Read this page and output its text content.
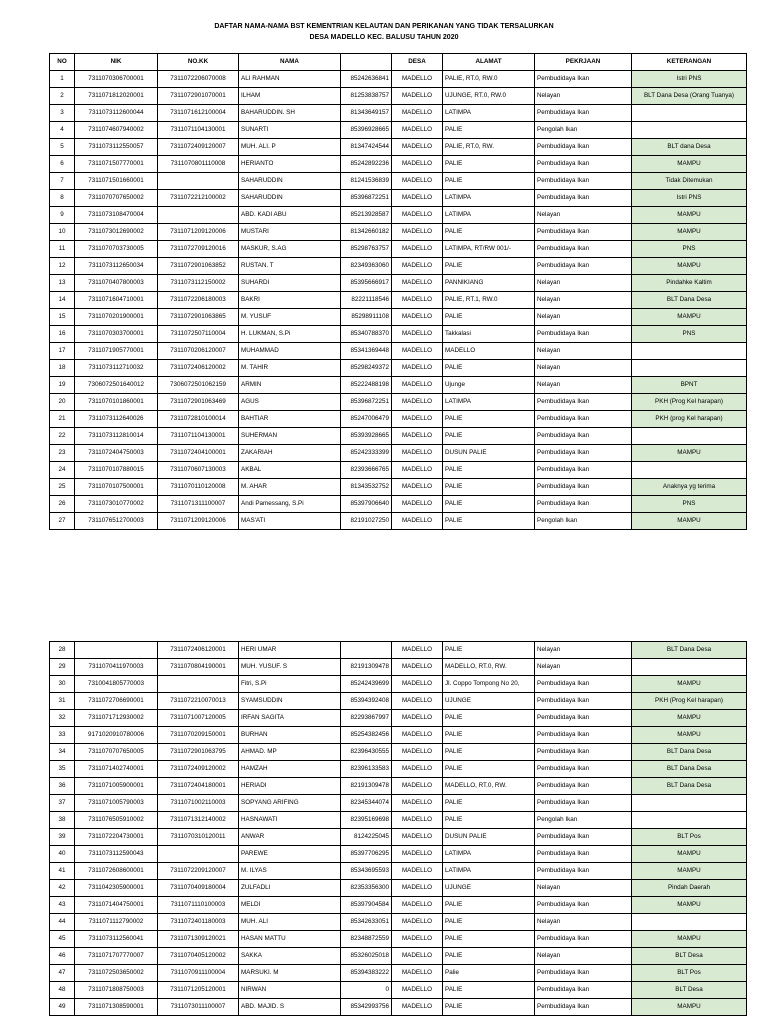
DAFTAR NAMA-NAMA BST KEMENTRIAN KELAUTAN DAN PERIKANAN YANG TIDAK TERSALURKAN
DESA MADELLO KEC. BALUSU TAHUN 2020
NO	NIK	NO.KK	NAMA		DESA	ALAMAT	PEKRJAAN	KETERANGAN
1	7311070306700001	7311072206070008	ALI RAHMAN	85242636841	MADELLO	PALIE, RT.0, RW.0	Pembudidaya Ikan	Istri PNS
2	7311071812020001	7311072901070001	ILHAM	81253838757	MADELLO	UJUNGE, RT.0, RW.0	Nelayan	BLT Dana Desa (Orang Tuanya)
3	7311073112600044	7311071612100004	BAHARUDDIN. SH	81343649157	MADELLO	LATIMPA	Pembudidaya Ikan	
4	7311074607940002	7311071104130001	SUNARTI	85396928665	MADELLO	PALIE	Pengolah Ikan	
5	7311073112550057	7311072409120007	MUH. ALI. P	81347424544	MADELLO	PALIE, RT.0, RW.	Pembudidaya Ikan	BLT dana Desa
6	7311071507770001	7311070801110008	HERIANTO	85242892236	MADELLO	PALIE	Pembudidaya Ikan	MAMPU
7	7311071501660001		SAHARUDDIN	81241536839	MADELLO	PALIE	Pembudidaya Ikan	Tidak Ditemukan
8	7311070707650002	7311072212100002	SAHARUDDIN	85396872251	MADELLO	LATIMPA	Pembudidaya Ikan	Istri PNS
9	7311073108470004		ABD. KADI ABU	85213928587	MADELLO	LATIMPA	Nelayan	MAMPU
10	7311073012690002	7311071209120006	MUSTARI	81342660182	MADELLO	PALIE	Pembudidaya Ikan	MAMPU
11	7311070703730005	7311072709120016	MASKUR, S.AG	85298763757	MADELLO	LATIMPA, RT/RW 001/-	Pembudidaya Ikan	PNS
12	7311073112650034	7311072901063852	RUSTAN. T	82349363060	MADELLO	PALIE	Pembudidaya Ikan	MAMPU
13	7311070407800003	7311073112150002	SUHARDI	85395666917	MADELLO	PANNIKIANG	Nelayan	Pindahke Kaltim
14	7311071604710001	7311072206180003	BAKRI	82221118546	MADELLO	PALIE, RT.1, RW.0	Nelayan	BLT Dana Desa
15	7311070201900001	7311072901063865	M. YUSUF	85298911108	MADELLO	PALIE	Nelayan	MAMPU
16	7311070303700001	7311072507110004	H. LUKMAN, S.Pi	85340788370	MADELLO	Takkalasi	Pembudidaya Ikan	PNS
17	7311071905770001	7311070206120007	MUHAMMAD	85341369448	MADELLO	MADELLO	Nelayan	
18	7311073112710032	7311072406120002	M. TAHIR	85298249372	MADELLO	PALIE	Nelayan	
19	7306072501640012	7306072501062159	ARMIN	85222488198	MADELLO	Ujunge	Nelayan	BPNT
20	7311070101860001	7311072901063469	AGUS	85396872251	MADELLO	LATIMPA	Pembudidaya Ikan	PKH (Prog Kel harapan)
21	7311073112640026	7311072810100014	BAHTIAR	85247006479	MADELLO	PALIE	Pembudidaya Ikan	PKH (prog Kel harapan)
22	7311073112810014	7311071104130001	SUHERMAN	85393928665	MADELLO	PALIE	Pembudidaya Ikan	
23	7311072404750003	7311072404100001	ZAKARIAH	85242333399	MADELLO	DUSUN PALIE	Pembudidaya Ikan	MAMPU
24	7311070107880015	7311070607130003	AKBAL	82393666765	MADELLO	PALIE	Pembudidaya Ikan	
25	7311070107500001	7311070110120008	M. AHAR	81343532752	MADELLO	PALIE	Pembudidaya Ikan	Anaknya yg terima
26	7311073010770002	7311071311100007	Andi Pamessang, S.Pi	85397906640	MADELLO	PALIE	Pembudidaya Ikan	PNS
27	7311076512700003	7311071209120006	MAS'ATI	82191027250	MADELLO	PALIE	Pengolah Ikan	MAMPU
28		7311072406120001	HERI UMAR		MADELLO	PALIE	Nelayan	BLT Dana Desa
29	7311070411970003	7311070804190001	MUH. YUSUF. S	82191309478	MADELLO	MADELLO, RT.0, RW.	Nelayan	
30	7310041805770003		Fitri, S.Pi	85242439699	MADELLO	Jl. Coppo Tompong No 20,	Pembudidaya Ikan	MAMPU
31	7311072706690001	7311072210070013	SYAMSUDDIN	85394392408	MADELLO	UJUNGE	Pembudidaya Ikan	PKH (Prog Kel harapan)
32	7311071712930002	7311071007120005	IRFAN SAGITA	82293867997	MADELLO	PALIE	Pembudidaya Ikan	MAMPU
33	9171020910780006	7311070209150001	BURHAN	85254382456	MADELLO	PALIE	Pembudidaya Ikan	MAMPU
34	7311070707650005	7311072901063795	AHMAD. MP	82396430555	MADELLO	PALIE	Pembudidaya Ikan	BLT Dana Desa
35	7311071402740001	7311072409120002	HAMZAH	82396133583	MADELLO	PALIE	Pembudidaya Ikan	BLT Dana Desa
36	7311071005900001	7311072404180001	HERIADI	82191309478	MADELLO	MADELLO, RT.0, RW.	Pembudidaya Ikan	BLT Dana Desa
37	7311071005790003	7311071002110003	SOPYANG ARIFING	82345344074	MADELLO	PALIE	Pembudidaya Ikan	
38	7311076505910002	7311071312140002	HASNAWATI	82395169698	MADELLO	PALIE	Pengolah Ikan	
39	7311072204730001	7311070310120011	ANWAR	8124225045	MADELLO	DUSUN PALIE	Pembudidaya Ikan	BLT Pos
40	7311073112590043		PAREWE	85397706295	MADELLO	LATIMPA	Pembudidaya Ikan	MAMPU
41	7311072608600001	7311072209120007	M. ILYAS	85343695593	MADELLO	LATIMPA	Pembudidaya Ikan	MAMPU
42	7311042305900001	7311070409180004	ZULFADLI	82353356300	MADELLO	UJUNGE	Nelayan	Pindah Daerah
43	7311071404750001	7311071110100003	MELDI	85397904584	MADELLO	PALIE	Pembudidaya Ikan	MAMPU
44	7311071112790002	7311072401180003	MUH. ALI	85342633051	MADELLO	PALIE	Nelayan	
45	7311073112560041	7311071309120021	HASAN MATTU	82348872559	MADELLO	PALIE	Pembudidaya Ikan	MAMPU
46	7311071707770007	7311070405120002	SAKKA	85326025018	MADELLO	PALIE	Nelayan	BLT Desa
47	7311072503650002	7311070911100004	MARSUKI. M	85394383222	MADELLO	Palie	Pembudidaya Ikan	BLT Pos
48	7311071808750003	7311071205120001	NIRWAN	0	MADELLO	PALIE	Pembudidaya Ikan	BLT Desa
49	7311071308590001	7311073011100007	ABD. MAJID. S	85342993756	MADELLO	PALIE	Pembudidaya Ikan	MAMPU
